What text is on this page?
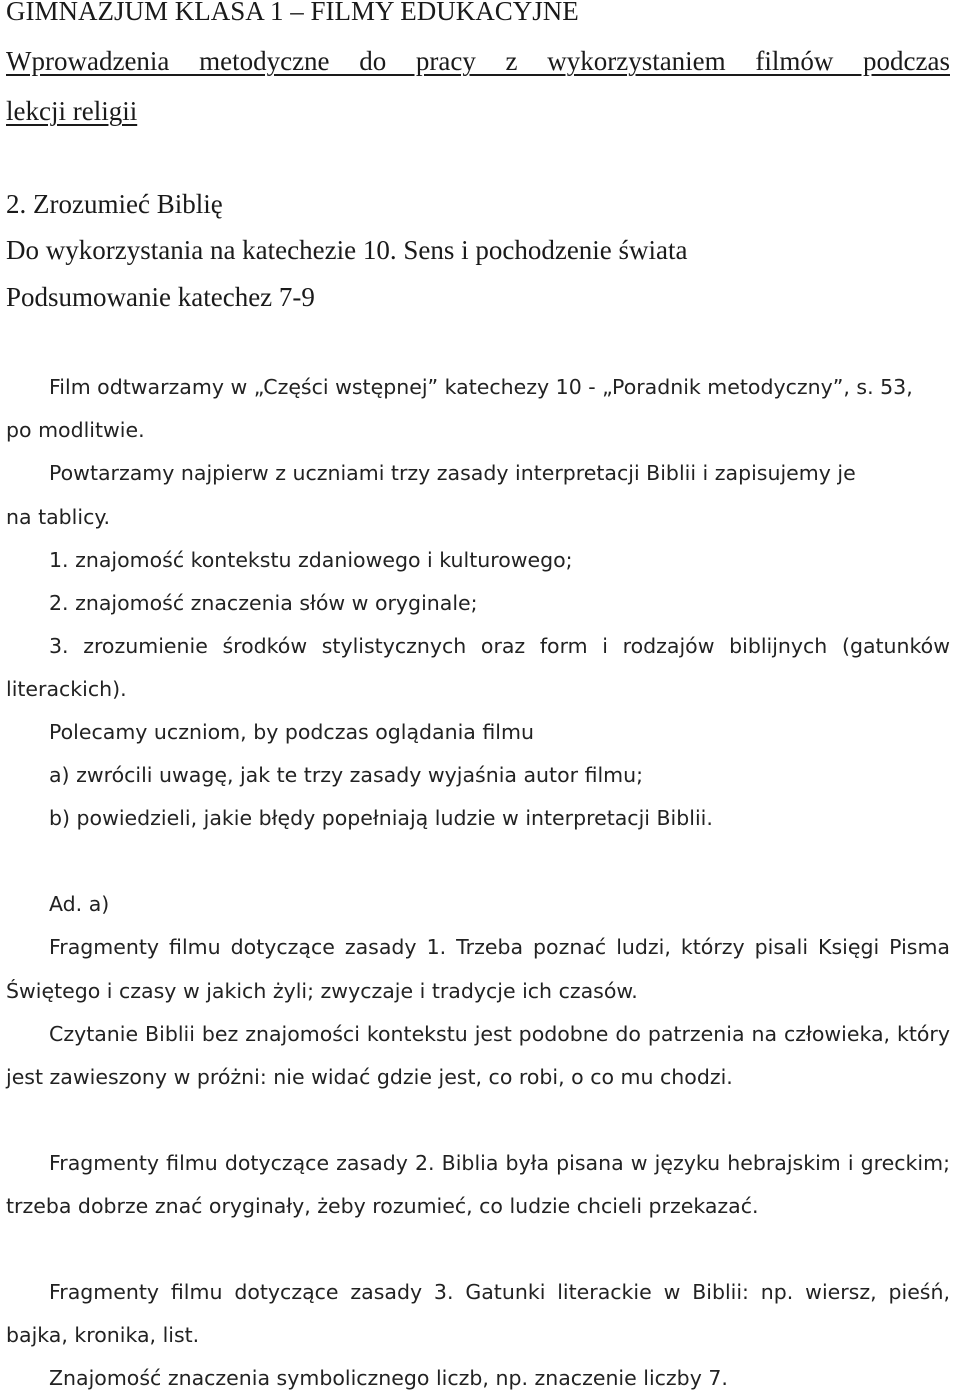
GIMNAZJUM KLASA 1 – FILMY EDUKACYJNE
Wprowadzenia metodyczne do pracy z wykorzystaniem filmów podczas
lekcji religii
2. Zrozumieć Biblię
Do wykorzystania na katechezie 10. Sens i pochodzenie świata
Podsumowanie katechez 7-9
Film odtwarzamy w „Części wstępnej” katechezy 10 - „Poradnik metodyczny”, s. 53,
po modlitwie.
Powtarzamy najpierw z uczniami trzy zasady interpretacji Biblii i zapisujemy je
na tablicy.
1. znajomość kontekstu zdaniowego i kulturowego;
2. znajomość znaczenia słów w oryginale;
3. zrozumienie środków stylistycznych oraz form i rodzajów biblijnych (gatunków
literackich).
Polecamy uczniom, by podczas oglądania filmu
a) zwrócili uwagę, jak te trzy zasady wyjaśnia autor filmu;
b) powiedzieli, jakie błędy popełniają ludzie w interpretacji Biblii.
Ad. a)
Fragmenty filmu dotyczące zasady 1. Trzeba poznać ludzi, którzy pisali Księgi Pisma
Świętego i czasy w jakich żyli; zwyczaje i tradycje ich czasów.
Czytanie Biblii bez znajomości kontekstu jest podobne do patrzenia na człowieka, który
jest zawieszony w próżni: nie widać gdzie jest, co robi, o co mu chodzi.
Fragmenty filmu dotyczące zasady 2. Biblia była pisana w języku hebrajskim i greckim;
trzeba dobrze znać oryginały, żeby rozumieć, co ludzie chcieli przekazać.
Fragmenty filmu dotyczące zasady 3. Gatunki literackie w Biblii: np. wiersz, pieśń,
bajka, kronika, list.
Znajomość znaczenia symbolicznego liczb, np. znaczenie liczby 7.
